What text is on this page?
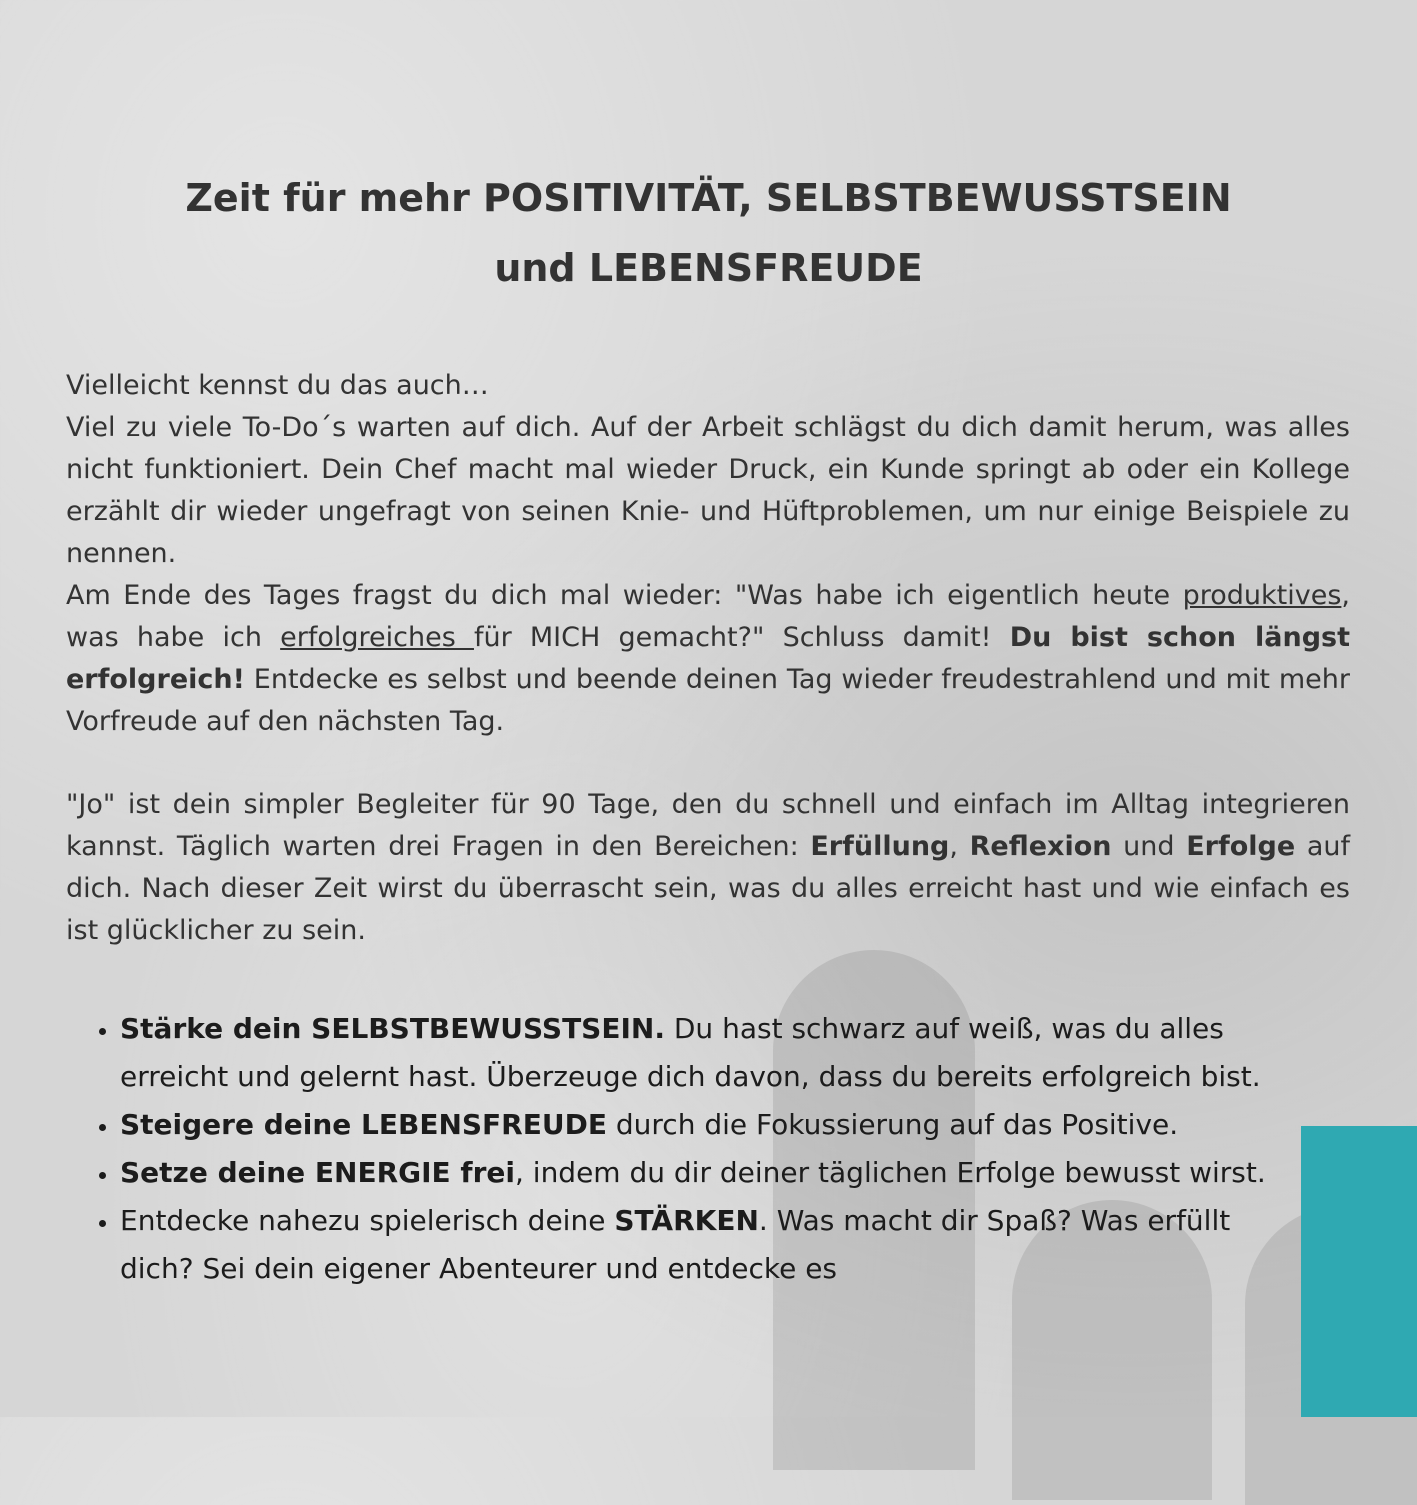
Zeit für mehr POSITIVITÄT, SELBSTBEWUSSTSEIN
und LEBENSFREUDE

Vielleicht kennst du das auch…
Viel zu viele To-Do´s warten auf dich. Auf der Arbeit schlägst du dich damit herum, was alles nicht funktioniert. Dein Chef macht mal wieder Druck, ein Kunde springt ab oder ein Kollege erzählt dir wieder ungefragt von seinen Knie- und Hüftproblemen, um nur einige Beispiele zu nennen.
Am Ende des Tages fragst du dich mal wieder: "Was habe ich eigentlich heute produktives, was habe ich erfolgreiches für MICH gemacht?" Schluss damit! Du bist schon längst erfolgreich! Entdecke es selbst und beende deinen Tag wieder freudestrahlend und mit mehr Vorfreude auf den nächsten Tag.

"Jo" ist dein simpler Begleiter für 90 Tage, den du schnell und einfach im Alltag integrieren kannst. Täglich warten drei Fragen in den Bereichen: Erfüllung, Reflexion und Erfolge auf dich. Nach dieser Zeit wirst du überrascht sein, was du alles erreicht hast und wie einfach es ist glücklicher zu sein.

• Stärke dein SELBSTBEWUSSTSEIN. Du hast schwarz auf weiß, was du alles erreicht und gelernt hast. Überzeuge dich davon, dass du bereits erfolgreich bist.
• Steigere deine LEBENSFREUDE durch die Fokussierung auf das Positive.
• Setze deine ENERGIE frei, indem du dir deiner täglichen Erfolge bewusst wirst.
• Entdecke nahezu spielerisch deine STÄRKEN. Was macht dir Spaß? Was erfüllt dich? Sei dein eigener Abenteurer und entdecke es
